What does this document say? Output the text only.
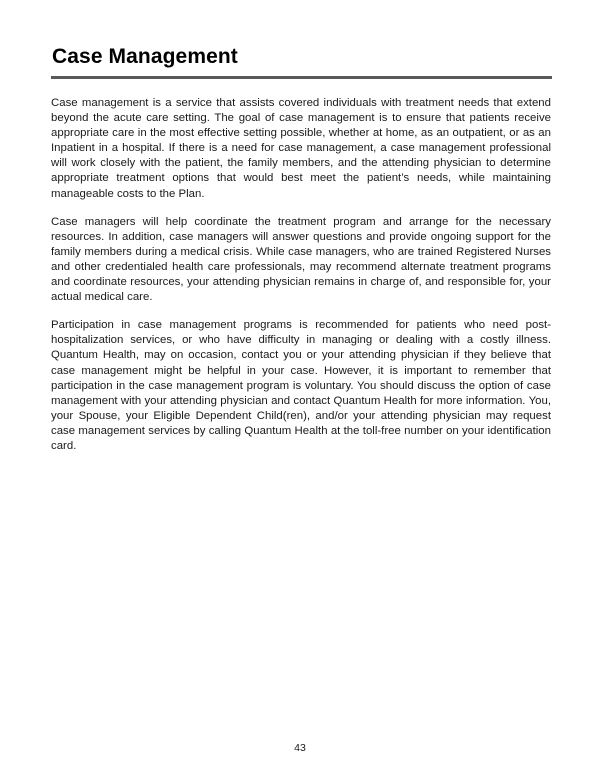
Case Management

Case management is a service that assists covered individuals with treatment needs that extend beyond the acute care setting. The goal of case management is to ensure that patients receive appropriate care in the most effective setting possible, whether at home, as an outpatient, or as an Inpatient in a hospital. If there is a need for case management, a case management professional will work closely with the patient, the family members, and the attending physician to determine appropriate treatment options that would best meet the patient’s needs, while maintaining manageable costs to the Plan.

Case managers will help coordinate the treatment program and arrange for the necessary resources. In addition, case managers will answer questions and provide ongoing support for the family members during a medical crisis. While case managers, who are trained Registered Nurses and other credentialed health care professionals, may recommend alternate treatment programs and coordinate resources, your attending physician remains in charge of, and responsible for, your actual medical care.

Participation in case management programs is recommended for patients who need post-hospitalization services, or who have difficulty in managing or dealing with a costly illness. Quantum Health, may on occasion, contact you or your attending physician if they believe that case management might be helpful in your case. However, it is important to remember that participation in the case management program is voluntary. You should discuss the option of case management with your attending physician and contact Quantum Health for more information. You, your Spouse, your Eligible Dependent Child(ren), and/or your attending physician may request case management services by calling Quantum Health at the toll-free number on your identification card.

43
